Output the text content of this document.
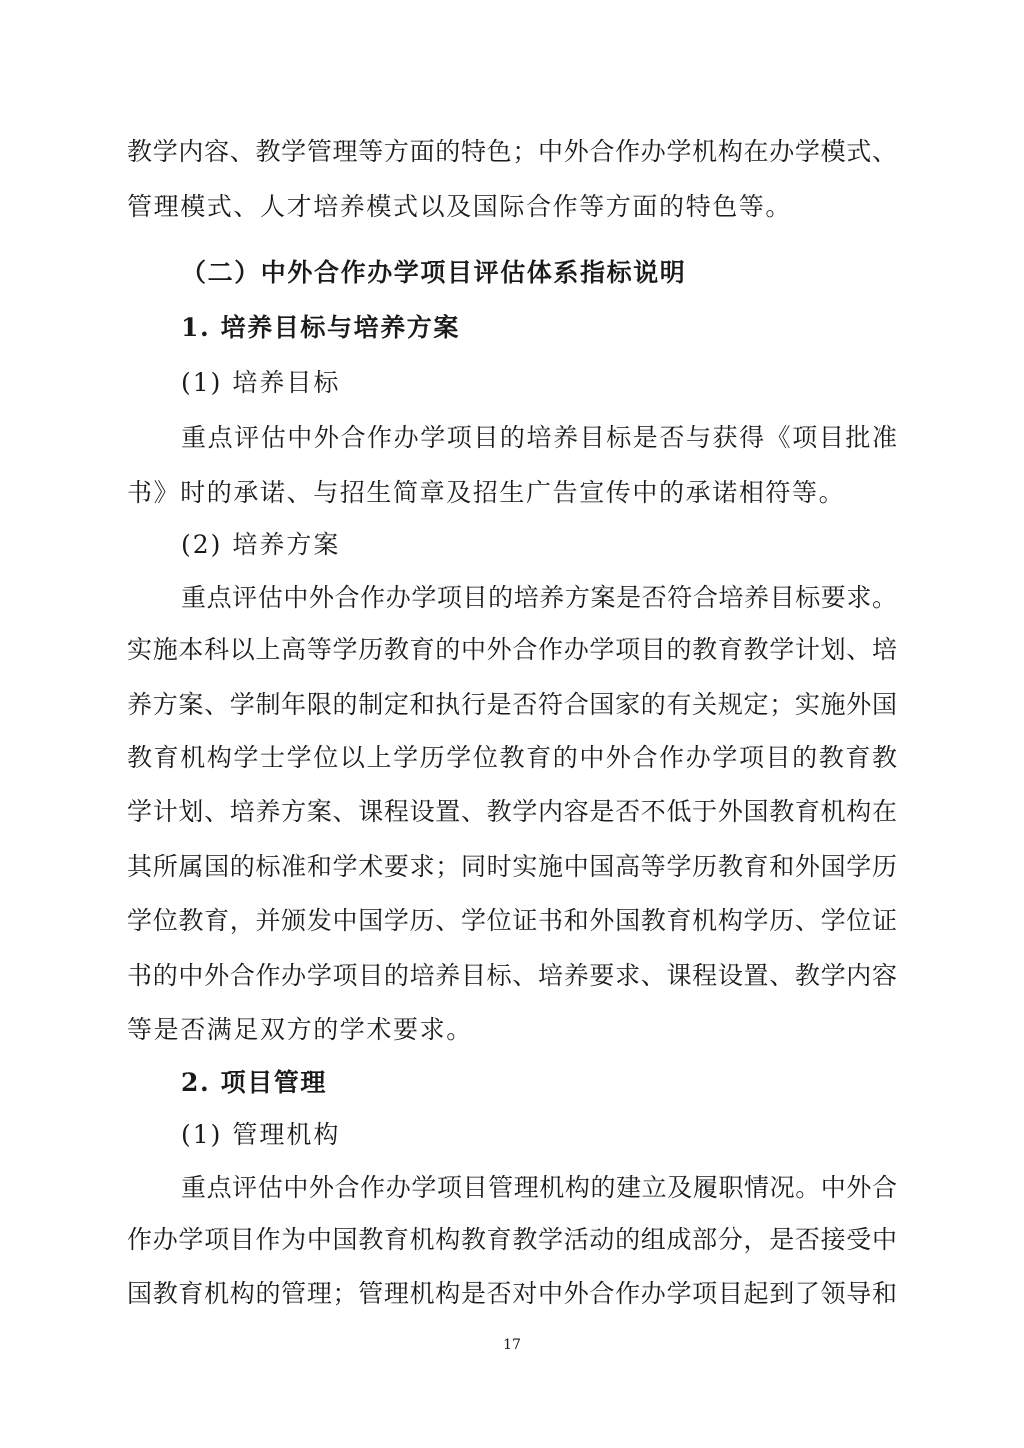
教学内容、教学管理等方面的特色；中外合作办学机构在办学模式、
管理模式、人才培养模式以及国际合作等方面的特色等。
（二）中外合作办学项目评估体系指标说明
1. 培养目标与培养方案
(1) 培养目标
重点评估中外合作办学项目的培养目标是否与获得《项目批准
书》时的承诺、与招生简章及招生广告宣传中的承诺相符等。
(2) 培养方案
重点评估中外合作办学项目的培养方案是否符合培养目标要求。
实施本科以上高等学历教育的中外合作办学项目的教育教学计划、培
养方案、学制年限的制定和执行是否符合国家的有关规定；实施外国
教育机构学士学位以上学历学位教育的中外合作办学项目的教育教
学计划、培养方案、课程设置、教学内容是否不低于外国教育机构在
其所属国的标准和学术要求；同时实施中国高等学历教育和外国学历
学位教育，并颁发中国学历、学位证书和外国教育机构学历、学位证
书的中外合作办学项目的培养目标、培养要求、课程设置、教学内容
等是否满足双方的学术要求。
2. 项目管理
(1) 管理机构
重点评估中外合作办学项目管理机构的建立及履职情况。中外合
作办学项目作为中国教育机构教育教学活动的组成部分，是否接受中
国教育机构的管理；管理机构是否对中外合作办学项目起到了领导和
17
